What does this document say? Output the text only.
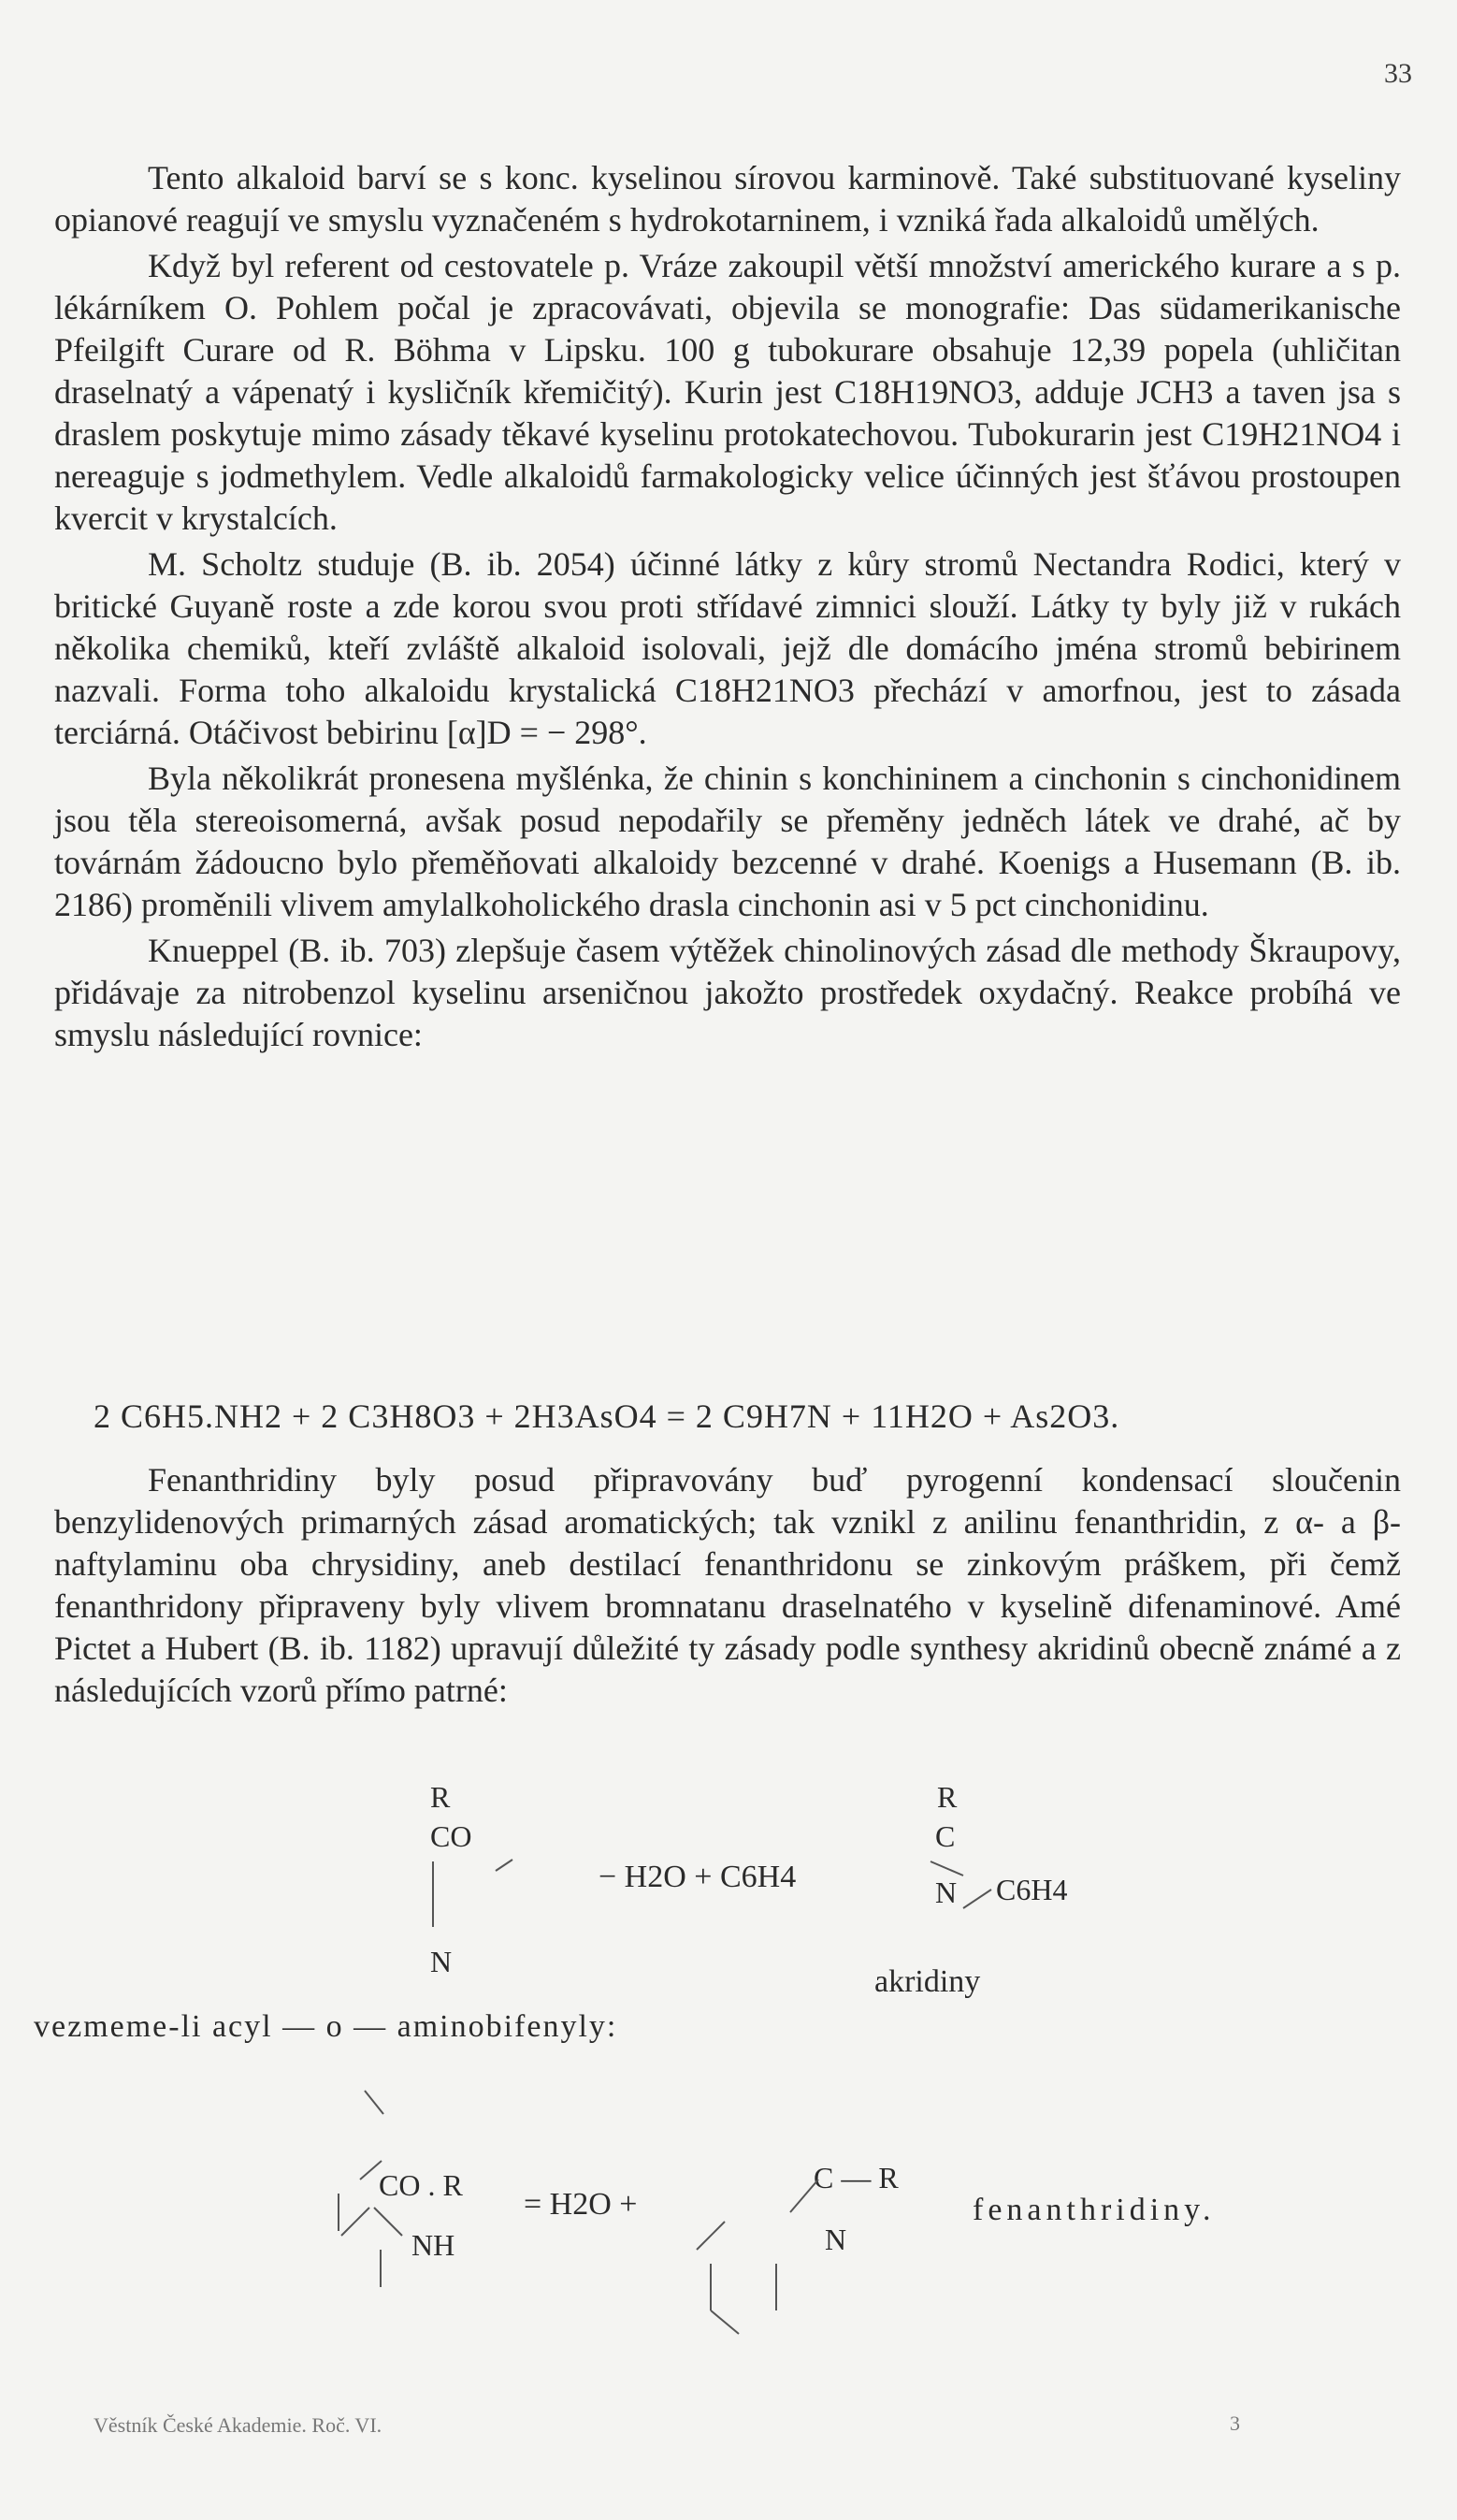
33

Tento alkaloid barví se s konc. kyselinou sírovou karminově. Také substituované kyseliny opianové reagují ve smyslu vyznačeném s hydrokotarninem, i vzniká řada alkaloidů umělých.

Když byl referent od cestovatele p. Vráze zakoupil větší množství amerického kurare a s p. lékárníkem O. Pohlem počal je zpracovávati, objevila se monografie: Das südamerikanische Pfeilgift Curare od R. Böhma v Lipsku. 100 g tubokurare obsahuje 12,39 popela (uhličitan draselnatý a vápenatý i kysličník křemičitý). Kurin jest C18H19NO3, adduje JCH3 a taven jsa s draslem poskytuje mimo zásady těkavé kyselinu protokatechovou. Tubokurarin jest C19H21NO4 i nereaguje s jodmethylem. Vedle alkaloidů farmakologicky velice účinných jest šťávou prostoupen kvercit v krystalcích.

M. Scholtz studuje (B. ib. 2054) účinné látky z kůry stromů Nectandra Rodici, který v britické Guyaně roste a zde korou svou proti střídavé zimnici slouží. Látky ty byly již v rukách několika chemiků, kteří zvláště alkaloid isolovali, jejž dle domácího jména stromů bebirinem nazvali. Forma toho alkaloidu krystalická C18H21NO3 přechází v amorfnou, jest to zásada terciárná. Otáčivost bebirinu [α]D = − 298°.

Byla několikrát pronesena myšlénka, že chinin s konchininem a cinchonin s cinchonidinem jsou těla stereoisomerná, avšak posud nepodařily se přeměny jedněch látek ve drahé, ač by továrnám žádoucno bylo přeměňovati alkaloidy bezcenné v drahé. Koenigs a Husemann (B. ib. 2186) proměnili vlivem amylalkoholického drasla cinchonin asi v 5 pct cinchonidinu.

Knueppel (B. ib. 703) zlepšuje časem výtěžek chinolinových zásad dle methody Škraupovy, přidávaje za nitrobenzol kyselinu arseničnou jakožto prostředek oxydačný. Reakce probíhá ve smyslu následující rovnice:

2 C6H5.NH2 + 2 C3H8O3 + 2H3AsO4 = 2 C9H7N + 11H2O + As2O3.

Fenanthridiny byly posud připravovány buď pyrogenní kondensací sloučenin benzylidenových primarných zásad aromatických; tak vznikl z anilinu fenanthridin, z α- a β- naftylaminu oba chrysidiny, aneb destilací fenanthridonu se zinkovým práškem, při čemž fenanthridony připraveny byly vlivem bromnatanu draselnatého v kyselině difenaminové. Amé Pictet a Hubert (B. ib. 1182) upravují důležité ty zásady podle synthesy akridinů obecně známé a z následujících vzorů přímo patrné:

R
CO
N
− H2O + C6H4
R
C
N C6H4
akridiny
vezmeme-li acyl — o — aminobifenyly:
CO . R
NH
= H2O +
C — R
N
fenanthridiny.
Věstník České Akademie. Roč. VI.	3
